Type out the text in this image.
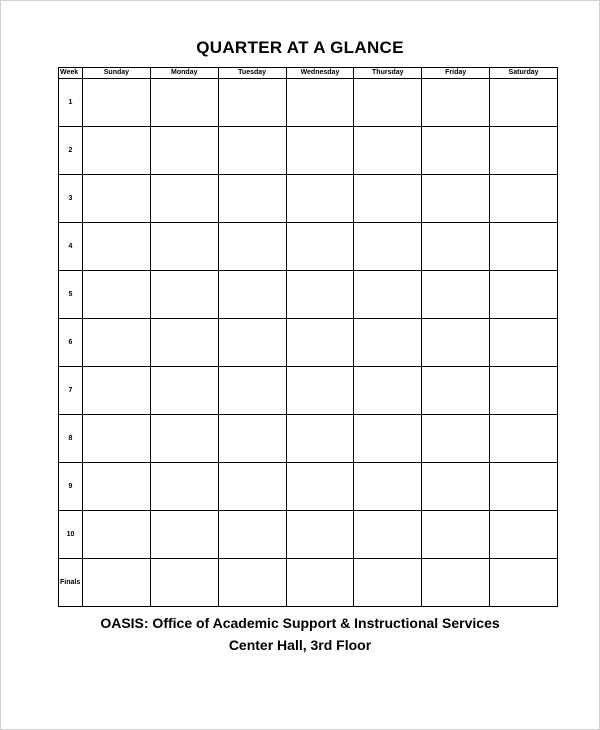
QUARTER AT A GLANCE
Week	Sunday	Monday	Tuesday	Wednesday	Thursday	Friday	Saturday
1							
2							
3							
4							
5							
6							
7							
8							
9							
10							
Finals							
OASIS: Office of Academic Support & Instructional Services
Center Hall, 3rd Floor
